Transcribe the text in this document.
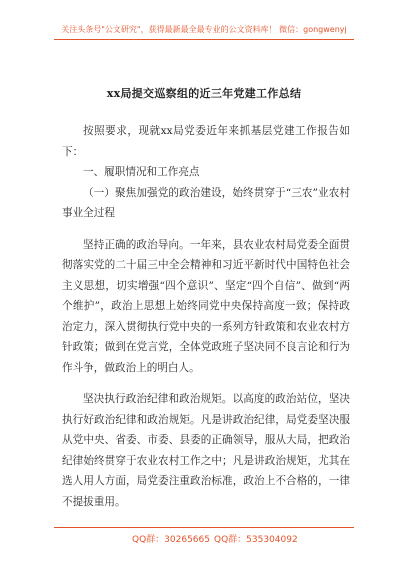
关注头条号"公文研究"，获得最新最全最专业的公文资料库！ 微信：gongwenyj
xx局提交巡察组的近三年党建工作总结

按照要求，现就xx局党委近年来抓基层党建工作报告如下：

一、履职情况和工作亮点

（一）聚焦加强党的政治建设，始终贯穿于“三农”业农村事业全过程

坚持正确的政治导向。一年来，县农业农村局党委全面贯彻落实党的二十届三中全会精神和习近平新时代中国特色社会主义思想，切实增强“四个意识”、坚定“四个自信”、做到“两个维护”，政治上思想上始终同党中央保持高度一致；保持政治定力，深入贯彻执行党中央的一系列方针政策和农业农村方针政策；做到在党言党，全体党政班子坚决同不良言论和行为作斗争，做政治上的明白人。

坚决执行政治纪律和政治规矩。以高度的政治站位，坚决执行好政治纪律和政治规矩。凡是讲政治纪律，局党委坚决服从党中央、省委、市委、县委的正确领导，服从大局，把政治纪律始终贯穿于农业农村工作之中；凡是讲政治规矩，尤其在选人用人方面，局党委注重政治标准，政治上不合格的，一律不提拔重用。

QQ群：30265665 QQ群：535304092
